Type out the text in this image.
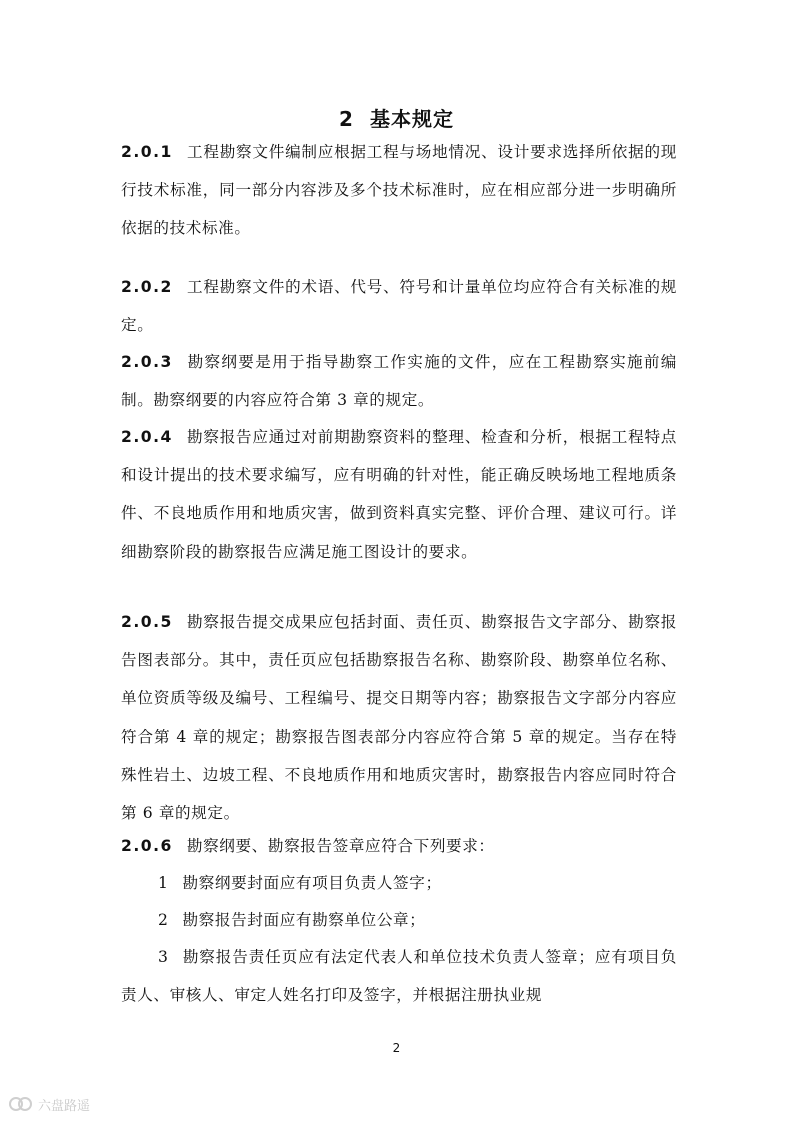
2 基本规定

2.0.1 工程勘察文件编制应根据工程与场地情况、设计要求选择所依据的现行技术标准，同一部分内容涉及多个技术标准时，应在相应部分进一步明确所依据的技术标准。

2.0.2 工程勘察文件的术语、代号、符号和计量单位均应符合有关标准的规定。

2.0.3 勘察纲要是用于指导勘察工作实施的文件，应在工程勘察实施前编制。勘察纲要的内容应符合第 3 章的规定。

2.0.4 勘察报告应通过对前期勘察资料的整理、检查和分析，根据工程特点和设计提出的技术要求编写，应有明确的针对性，能正确反映场地工程地质条件、不良地质作用和地质灾害，做到资料真实完整、评价合理、建议可行。详细勘察阶段的勘察报告应满足施工图设计的要求。

2.0.5 勘察报告提交成果应包括封面、责任页、勘察报告文字部分、勘察报告图表部分。其中，责任页应包括勘察报告名称、勘察阶段、勘察单位名称、单位资质等级及编号、工程编号、提交日期等内容；勘察报告文字部分内容应符合第 4 章的规定；勘察报告图表部分内容应符合第 5 章的规定。当存在特殊性岩土、边坡工程、不良地质作用和地质灾害时，勘察报告内容应同时符合第 6 章的规定。

2.0.6 勘察纲要、勘察报告签章应符合下列要求：

1 勘察纲要封面应有项目负责人签字；

2 勘察报告封面应有勘察单位公章；

3 勘察报告责任页应有法定代表人和单位技术负责人签章；应有项目负责人、审核人、审定人姓名打印及签字，并根据注册执业规

2
六盘路遥
